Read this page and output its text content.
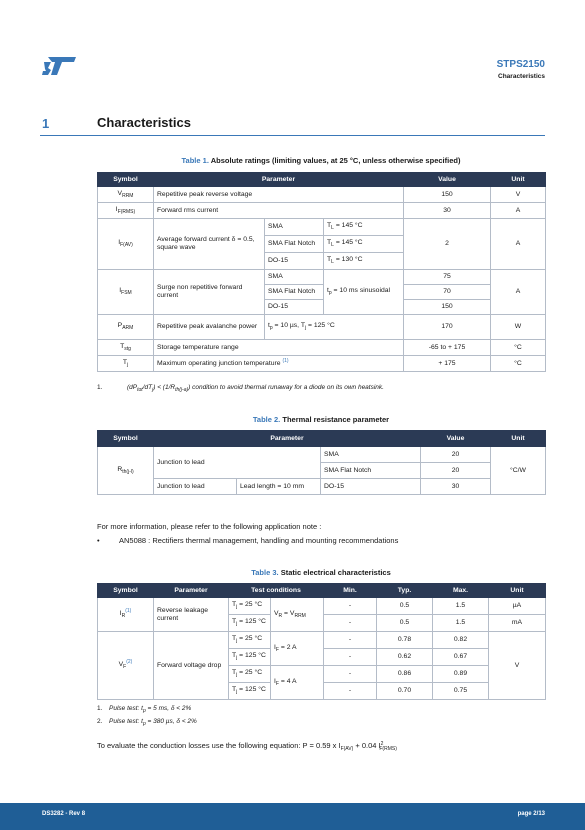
STPS2150
Characteristics
1	Characteristics
Table 1. Absolute ratings (limiting values, at 25 °C, unless otherwise specified)
Symbol	Parameter			Value	Unit
$V_{RRM}$	Repetitive peak reverse voltage			150	V
$I_{F(RMS)}$	Forward rms current			30	A
$I_{F(AV)}$	Average forward current δ = 0.5, square wave	SMA	$T_L = 145$ °C	2	A
		SMA Flat Notch	$T_L = 145$ °C		
		DO-15	$T_L = 130$ °C		
$I_{FSM}$	Surge non repetitive forward current	SMA	$t_p = 10$ ms sinusoidal	75	A
		SMA Flat Notch		70	
		DO-15		150	
$P_{ARM}$	Repetitive peak avalanche power	$t_p = 10$ µs, $T_j = 125$ °C		170	W
$T_{stg}$	Storage temperature range			-65 to + 175	°C
$T_j$	Maximum operating junction temperature $^{(1)}$			+ 175	°C
1.	$(dP_{tot}/dT_j) < (1/R_{th(j-a)})$ condition to avoid thermal runaway for a diode on its own heatsink.
Table 2. Thermal resistance parameter
Symbol	Parameter			Value	Unit
$R_{th(j-l)}$	Junction to lead		SMA	20	°C/W
			SMA Flat Notch	20	
	Junction to lead	Lead length = 10 mm	DO-15	30	
For more information, please refer to the following application note :
•	AN5088 : Rectifiers thermal management, handling and mounting recommendations
Table 3. Static electrical characteristics
Symbol	Parameter	Test conditions		Min.	Typ.	Max.	Unit
$I_R^{(1)}$	Reverse leakage current	$T_j = 25$ °C	$V_R = V_{RRM}$	-	0.5	1.5	µA
		$T_j = 125$ °C		-	0.5	1.5	mA
$V_F^{(2)}$	Forward voltage drop	$T_j = 25$ °C	$I_F = 2$ A	-	0.78	0.82	V
		$T_j = 125$ °C		-	0.62	0.67	
		$T_j = 25$ °C	$I_F = 4$ A	-	0.86	0.89	
		$T_j = 125$ °C		-	0.70	0.75	
1. Pulse test: $t_p = 5$ ms, δ < 2%
2. Pulse test: $t_p = 380$ µs, δ < 2%
To evaluate the conduction losses use the following equation: P = 0.59 x $I_{F(AV)} + 0.04$ $I^2_{F(RMS)}$
DS3282 - Rev 8	page 2/13
